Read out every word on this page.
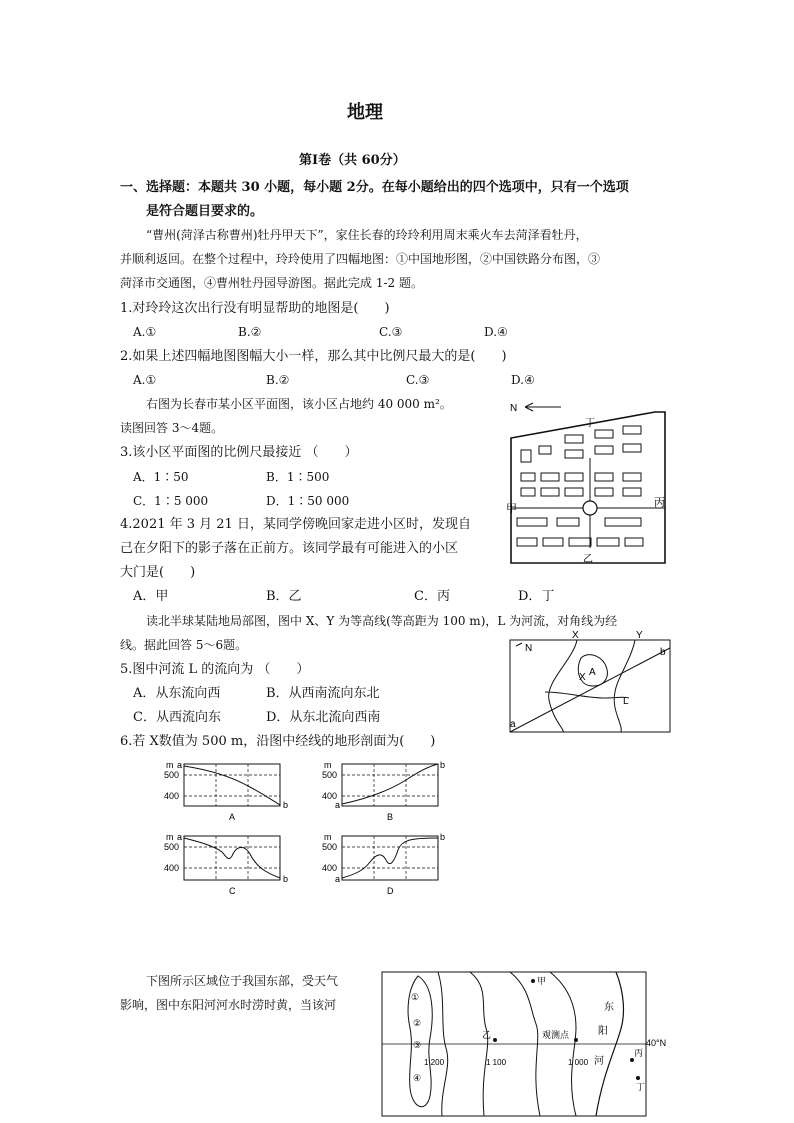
地理
第Ⅰ卷（共 60分）
一、选择题：本题共 30 小题，每小题 2分。在每小题给出的四个选项中，只有一个选项
是符合题目要求的。
“曹州(菏泽古称曹州)牡丹甲天下”，家住长春的玲玲利用周末乘火车去菏泽看牡丹，
并顺利返回。在整个过程中，玲玲使用了四幅地图：①中国地形图，②中国铁路分布图，③
菏泽市交通图，④曹州牡丹园导游图。据此完成 1-2 题。
1.对玲玲这次出行没有明显帮助的地图是(　　)
A.①	B.②	C.③	D.④
2.如果上述四幅地图图幅大小一样，那么其中比例尺最大的是(　　)
A.①	B.②	C.③	D.④
右图为长春市某小区平面图，该小区占地约 40 000 m²。
读图回答 3～4题。
3.该小区平面图的比例尺最接近 （　　）
A．1∶50	B．1∶500
C．1∶5 000	D．1∶50 000
4.2021 年 3 月 21 日，某同学傍晚回家走进小区时，发现自
己在夕阳下的影子落在正前方。该同学最有可能进入的小区
大门是(　　)
A．甲	B．乙	C．丙	D．丁
读北半球某陆地局部图，图中 X、Y 为等高线(等高距为 100 m)，L 为河流，对角线为经
线。据此回答 5～6题。
5.图中河流 L 的流向为 （　　）
A．从东流向西	B．从西南流向东北
C．从西流向东	D．从东北流向西南
6.若 X数值为 500 m，沿图中经线的地形剖面为(　　)
下图所示区域位于我国东部，受天气
影响，图中东阳河河水时涝时黄，当该河
N
甲
乙
丙
丁
X	Y
N
a
b
A
X
L
m a
500
400
b
A
m
500
400
a
b
B
m a
500
400
b
C
m
500
400
a
b
D
40°N
甲
①
②
③
④
乙	观测点
东
阳
河
丙
丁
1 200	1 100	1 000
